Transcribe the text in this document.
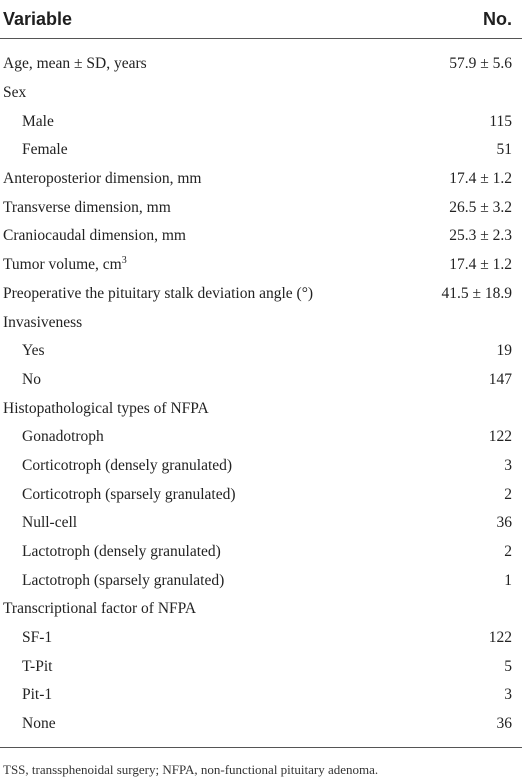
Variable	No.
Age, mean ± SD, years	57.9 ± 5.6
Sex
Male	115
Female	51
Anteroposterior dimension, mm	17.4 ± 1.2
Transverse dimension, mm	26.5 ± 3.2
Craniocaudal dimension, mm	25.3 ± 2.3
Tumor volume, $cm^3$	17.4 ± 1.2
Preoperative the pituitary stalk deviation angle (°)	41.5 ± 18.9
Invasiveness
Yes	19
No	147
Histopathological types of NFPA
Gonadotroph	122
Corticotroph (densely granulated)	3
Corticotroph (sparsely granulated)	2
Null-cell	36
Lactotroph (densely granulated)	2
Lactotroph (sparsely granulated)	1
Transcriptional factor of NFPA
SF-1	122
T-Pit	5
Pit-1	3
None	36
TSS, transsphenoidal surgery; NFPA, non-functional pituitary adenoma.
